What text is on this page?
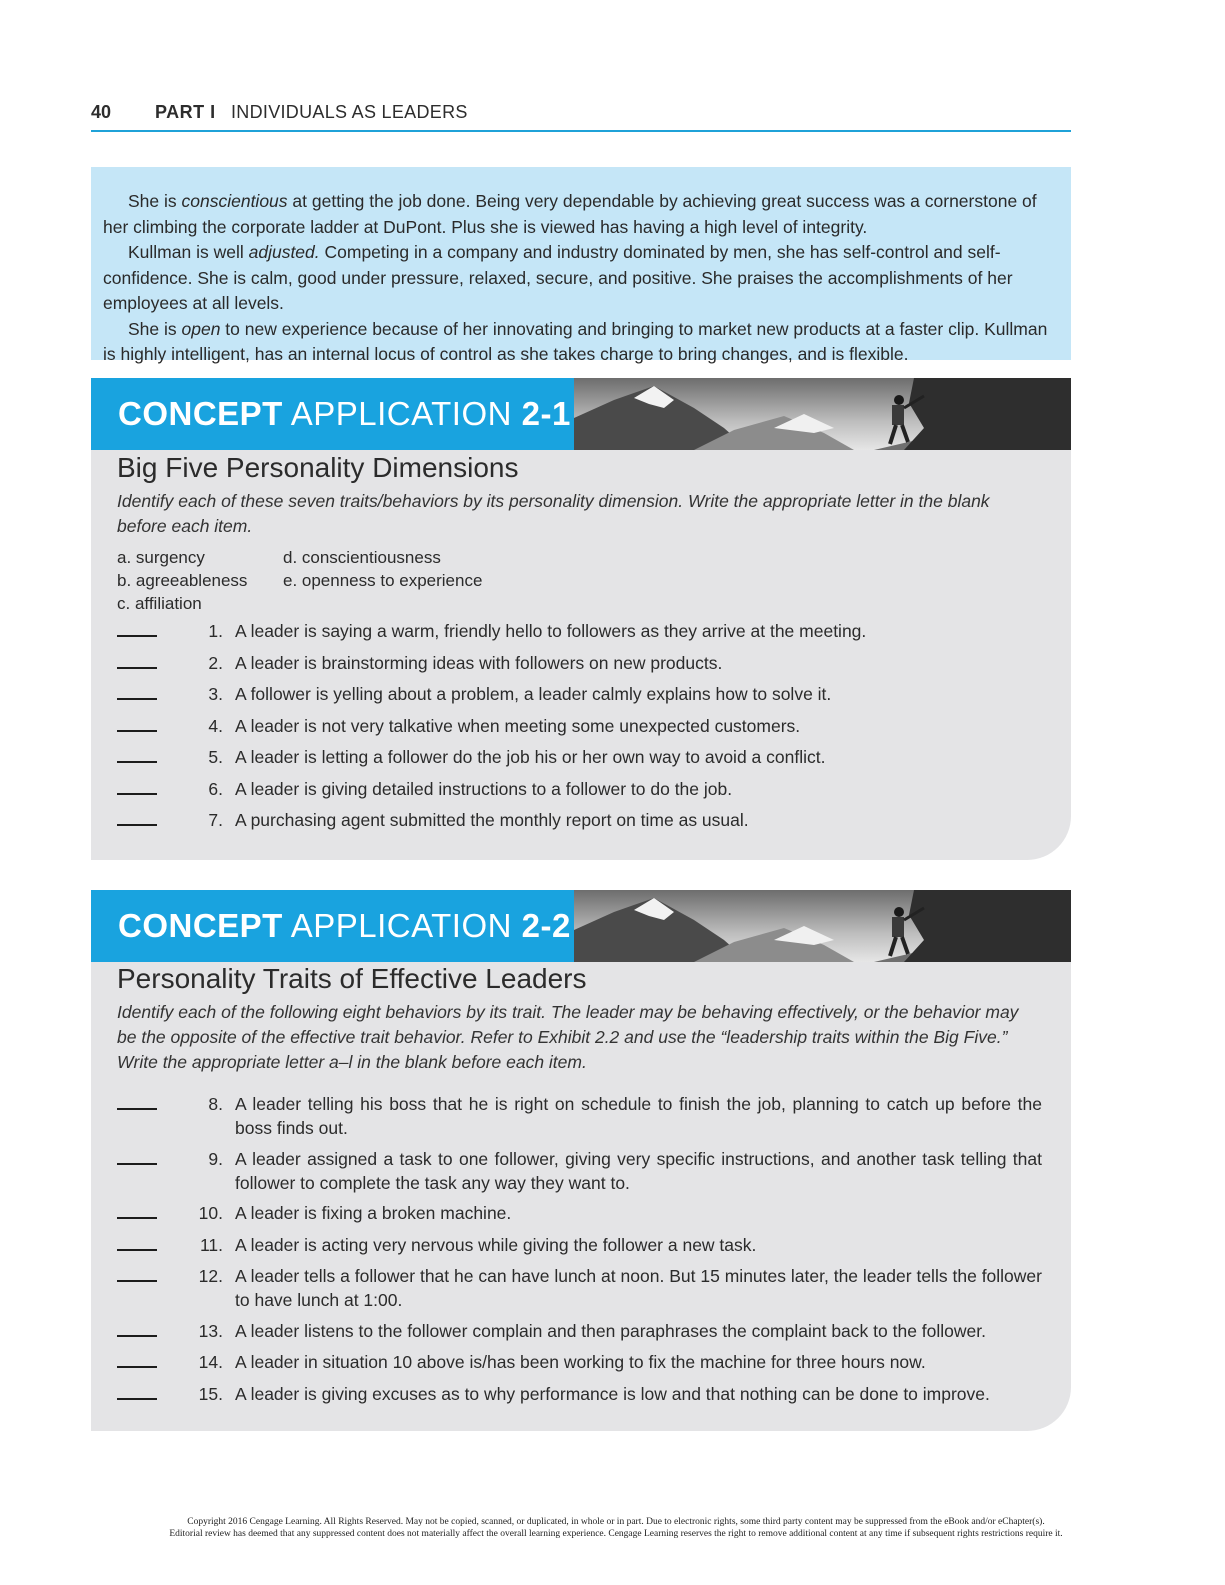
40 PART I INDIVIDUALS AS LEADERS

She is conscientious at getting the job done. Being very dependable by achieving great success was a cornerstone of her climbing the corporate ladder at DuPont. Plus she is viewed has having a high level of integrity.

Kullman is well adjusted. Competing in a company and industry dominated by men, she has self-control and self-confidence. She is calm, good under pressure, relaxed, secure, and positive. She praises the accomplishments of her employees at all levels.

She is open to new experience because of her innovating and bringing to market new products at a faster clip. Kullman is highly intelligent, has an internal locus of control as she takes charge to bring changes, and is flexible.

CONCEPT APPLICATION 2-1
Big Five Personality Dimensions
Identify each of these seven traits/behaviors by its personality dimension. Write the appropriate letter in the blank before each item.
a. surgency
b. agreeableness
c. affiliation
d. conscientiousness
e. openness to experience
1. A leader is saying a warm, friendly hello to followers as they arrive at the meeting.
2. A leader is brainstorming ideas with followers on new products.
3. A follower is yelling about a problem, a leader calmly explains how to solve it.
4. A leader is not very talkative when meeting some unexpected customers.
5. A leader is letting a follower do the job his or her own way to avoid a conflict.
6. A leader is giving detailed instructions to a follower to do the job.
7. A purchasing agent submitted the monthly report on time as usual.
CONCEPT APPLICATION 2-2
Personality Traits of Effective Leaders
Identify each of the following eight behaviors by its trait. The leader may be behaving effectively, or the behavior may be the opposite of the effective trait behavior. Refer to Exhibit 2.2 and use the “leadership traits within the Big Five.” Write the appropriate letter a–l in the blank before each item.
8. A leader telling his boss that he is right on schedule to finish the job, planning to catch up before the boss finds out.
9. A leader assigned a task to one follower, giving very specific instructions, and another task telling that follower to complete the task any way they want to.
10. A leader is fixing a broken machine.
11. A leader is acting very nervous while giving the follower a new task.
12. A leader tells a follower that he can have lunch at noon. But 15 minutes later, the leader tells the follower to have lunch at 1:00.
13. A leader listens to the follower complain and then paraphrases the complaint back to the follower.
14. A leader in situation 10 above is/has been working to fix the machine for three hours now.
15. A leader is giving excuses as to why performance is low and that nothing can be done to improve.
Copyright 2016 Cengage Learning. All Rights Reserved. May not be copied, scanned, or duplicated, in whole or in part. Due to electronic rights, some third party content may be suppressed from the eBook and/or eChapter(s).
Editorial review has deemed that any suppressed content does not materially affect the overall learning experience. Cengage Learning reserves the right to remove additional content at any time if subsequent rights restrictions require it.
